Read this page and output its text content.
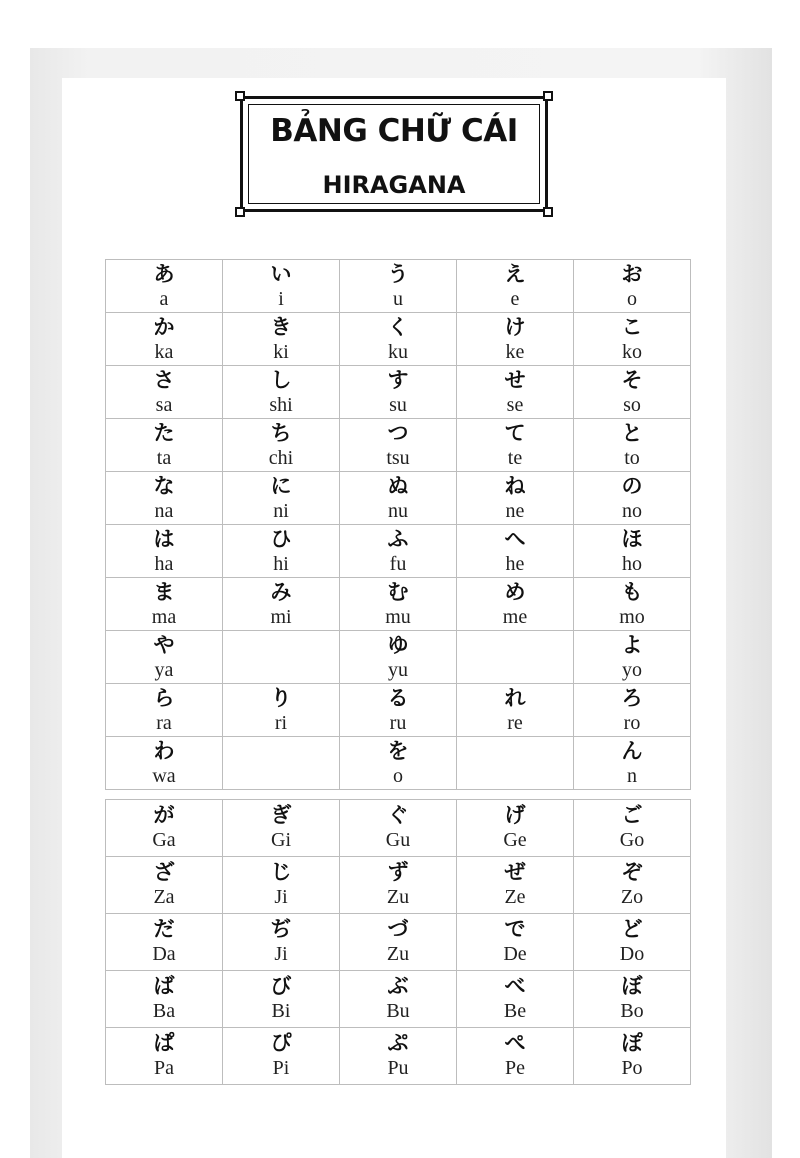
BẢNG CHỮ CÁI
HIRAGANA
あ
a	い
i	う
u	え
e	お
o

か
ka	き
ki	く
ku	け
ke	こ
ko

さ
sa	し
shi	す
su	せ
se	そ
so

た
ta	ち
chi	つ
tsu	て
te	と
to

な
na	に
ni	ぬ
nu	ね
ne	の
no

は
ha	ひ
hi	ふ
fu	へ
he	ほ
ho

ま
ma	み
mi	む
mu	め
me	も
mo

や
ya		ゆ
yu		よ
yo

ら
ra	り
ri	る
ru	れ
re	ろ
ro

わ
wa		を
o		ん
n
が
Ga	ぎ
Gi	ぐ
Gu	げ
Ge	ご
Go

ざ
Za	じ
Ji	ず
Zu	ぜ
Ze	ぞ
Zo

だ
Da	ぢ
Ji	づ
Zu	で
De	ど
Do

ば
Ba	び
Bi	ぶ
Bu	べ
Be	ぼ
Bo

ぱ
Pa	ぴ
Pi	ぷ
Pu	ぺ
Pe	ぽ
Po
